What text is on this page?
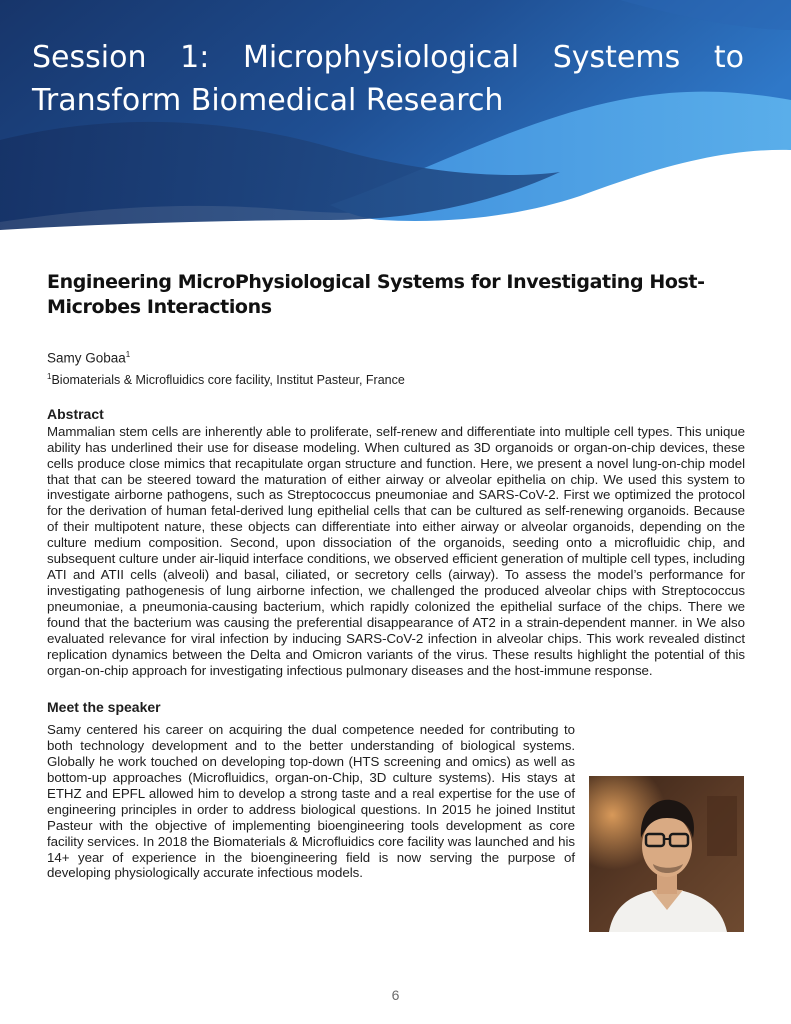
Session 1: Microphysiological Systems to Transform Biomedical Research
Engineering MicroPhysiological Systems for Investigating Host-Microbes Interactions

Samy Gobaa$^1$

$^1$Biomaterials & Microfluidics core facility, Institut Pasteur, France

Abstract

Mammalian stem cells are inherently able to proliferate, self-renew and differentiate into multiple cell types. This unique ability has underlined their use for disease modeling. When cultured as 3D organoids or organ-on-chip devices, these cells produce close mimics that recapitulate organ structure and function. Here, we present a novel lung-on-chip model that that can be steered toward the maturation of either airway or alveolar epithelia on chip. We used this system to investigate airborne pathogens, such as Streptococcus pneumoniae and SARS-CoV-2. First we optimized the protocol for the derivation of human fetal-derived lung epithelial cells that can be cultured as self-renewing organoids. Because of their multipotent nature, these objects can differentiate into either airway or alveolar organoids, depending on the culture medium composition. Second, upon dissociation of the organoids, seeding onto a microfluidic chip, and subsequent culture under air-liquid interface conditions, we observed efficient generation of multiple cell types, including ATI and ATII cells (alveoli) and basal, ciliated, or secretory cells (airway). To assess the model’s performance for investigating pathogenesis of lung airborne infection, we challenged the produced alveolar chips with Streptococcus pneumoniae, a pneumonia-causing bacterium, which rapidly colonized the epithelial surface of the chips. There we found that the bacterium was causing the preferential disappearance of AT2 in a strain-dependent manner. in We also evaluated relevance for viral infection by inducing SARS-CoV-2 infection in alveolar chips. This work revealed distinct replication dynamics between the Delta and Omicron variants of the virus. These results highlight the potential of this organ-on-chip approach for investigating infectious pulmonary diseases and the host-immune response.

Meet the speaker

Samy centered his career on acquiring the dual competence needed for contributing to both technology development and to the better understanding of biological systems. Globally he work touched on developing top-down (HTS screening and omics) as well as bottom-up approaches (Microfluidics, organ-on-Chip, 3D culture systems). His stays at ETHZ and EPFL allowed him to develop a strong taste and a real expertise for the use of engineering principles in order to address biological questions. In 2015 he joined Institut Pasteur with the objective of implementing bioengineering tools development as core facility services. In 2018 the Biomaterials & Microfluidics core facility was launched and his 14+ year of experience in the bioengineering field is now serving the purpose of developing physiologically accurate infectious models.

6
